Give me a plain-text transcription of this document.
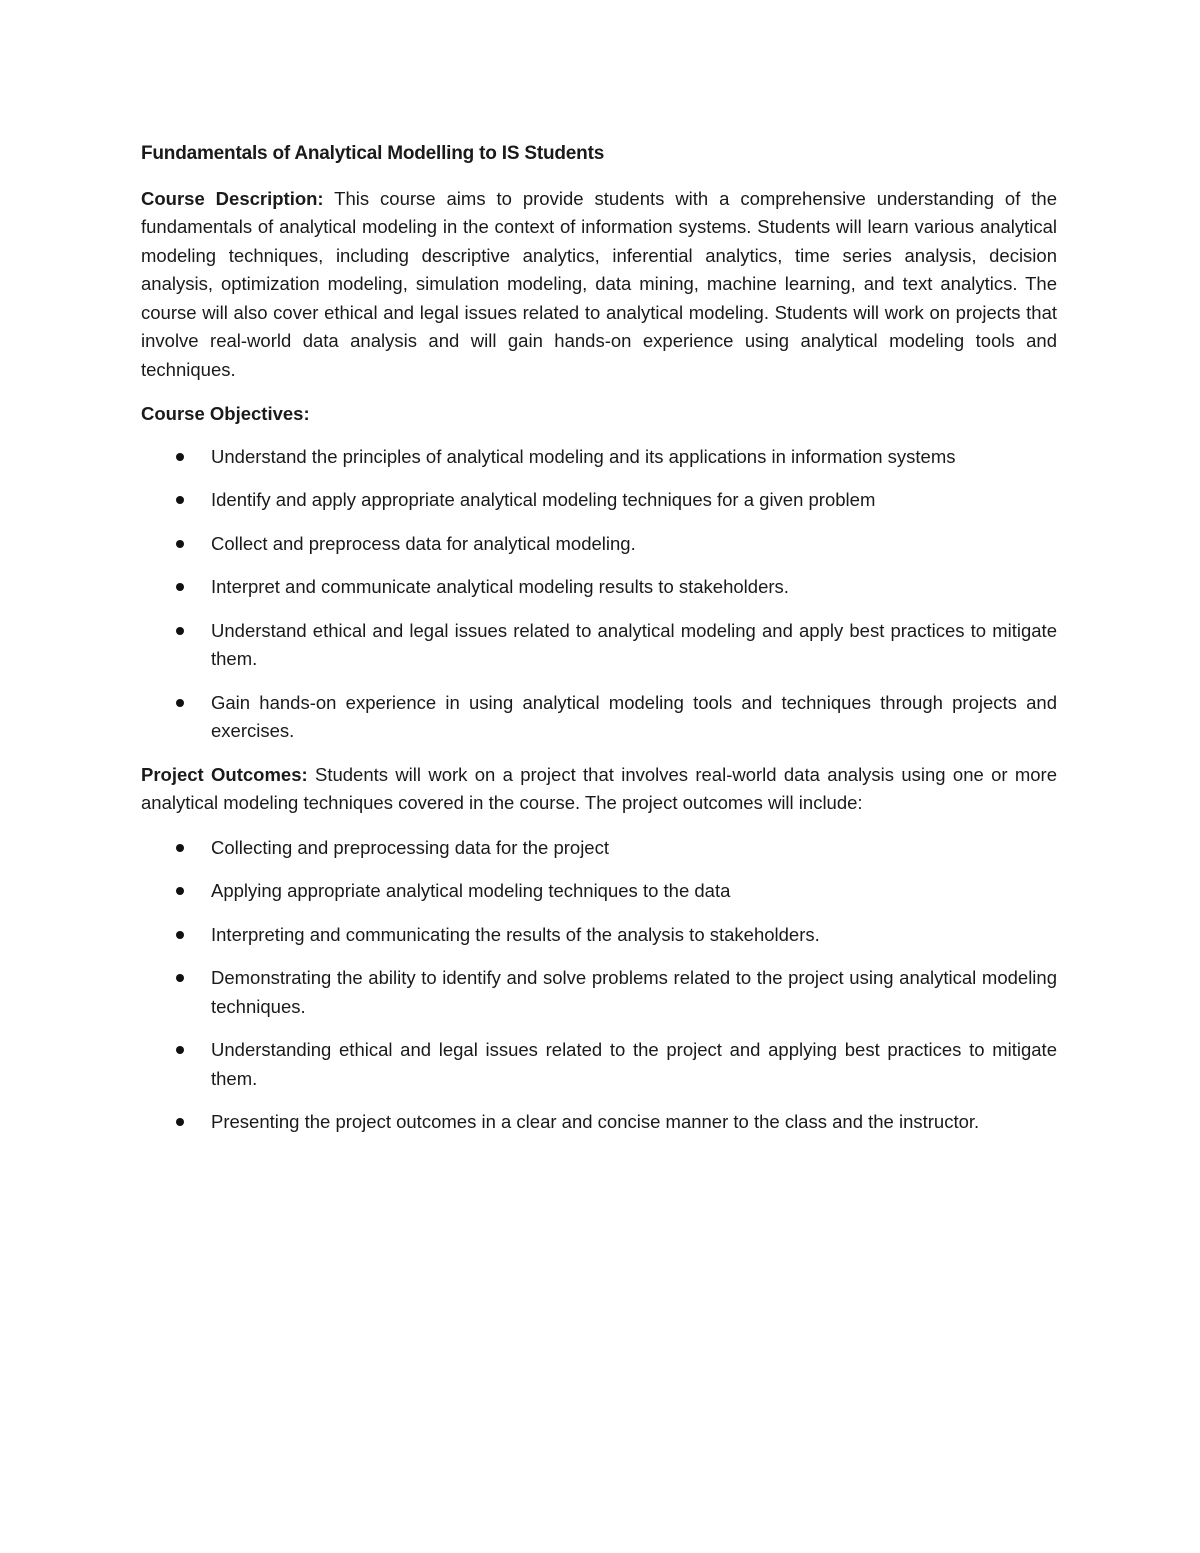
Fundamentals of Analytical Modelling to IS Students

Course Description: This course aims to provide students with a comprehensive understanding of the fundamentals of analytical modeling in the context of information systems. Students will learn various analytical modeling techniques, including descriptive analytics, inferential analytics, time series analysis, decision analysis, optimization modeling, simulation modeling, data mining, machine learning, and text analytics. The course will also cover ethical and legal issues related to analytical modeling. Students will work on projects that involve real-world data analysis and will gain hands-on experience using analytical modeling tools and techniques.

Course Objectives:
Understand the principles of analytical modeling and its applications in information systems
Identify and apply appropriate analytical modeling techniques for a given problem
Collect and preprocess data for analytical modeling.
Interpret and communicate analytical modeling results to stakeholders.
Understand ethical and legal issues related to analytical modeling and apply best practices to mitigate them.
Gain hands-on experience in using analytical modeling tools and techniques through projects and exercises.

Project Outcomes: Students will work on a project that involves real-world data analysis using one or more analytical modeling techniques covered in the course. The project outcomes will include:

Collecting and preprocessing data for the project
Applying appropriate analytical modeling techniques to the data
Interpreting and communicating the results of the analysis to stakeholders.
Demonstrating the ability to identify and solve problems related to the project using analytical modeling techniques.
Understanding ethical and legal issues related to the project and applying best practices to mitigate them.
Presenting the project outcomes in a clear and concise manner to the class and the instructor.
